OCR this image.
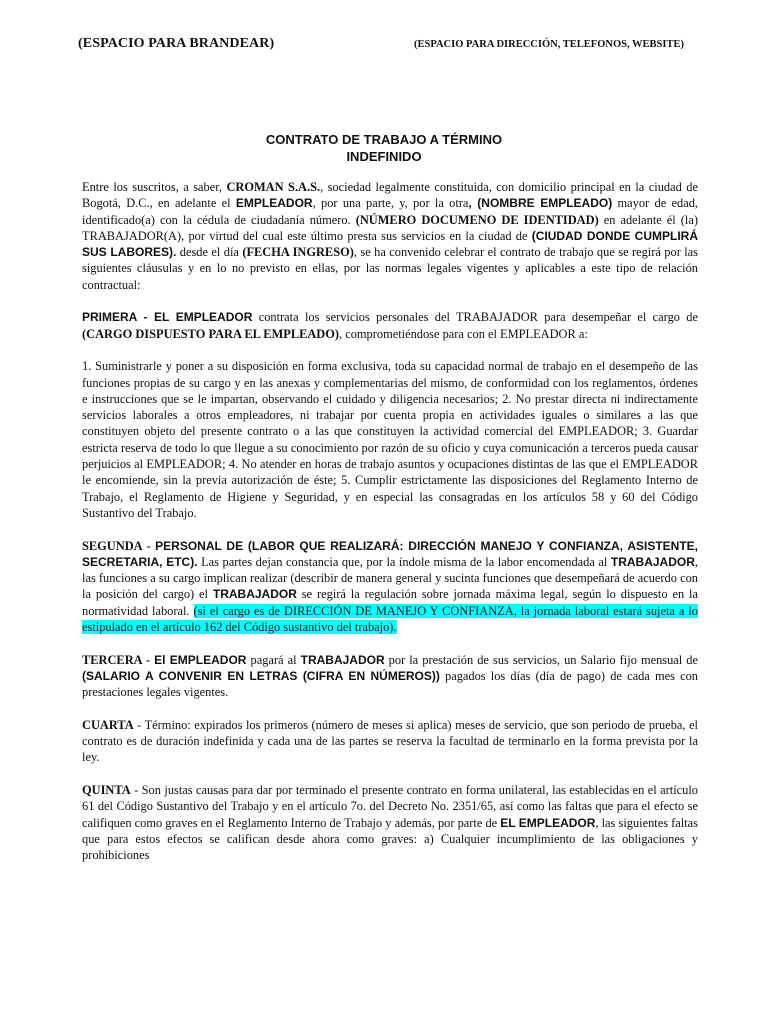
(ESPACIO PARA BRANDEAR)	(ESPACIO PARA DIRECCIÓN, TELEFONOS, WEBSITE)
CONTRATO DE TRABAJO A TÉRMINO
INDEFINIDO

Entre los suscritos, a saber, CROMAN S.A.S., sociedad legalmente constituida, con domicilio principal en la ciudad de Bogotá, D.C., en adelante el EMPLEADOR, por una parte, y, por la otra, (NOMBRE EMPLEADO) mayor de edad, identificado(a) con la cédula de ciudadanía número. (NÚMERO DOCUMENO DE IDENTIDAD) en adelante él (la) TRABAJADOR(A), por virtud del cual este último presta sus servicios en la ciudad de (CIUDAD DONDE CUMPLIRÁ SUS LABORES). desde el día (FECHA INGRESO), se ha convenido celebrar el contrato de trabajo que se regirá por las siguientes cláusulas y en lo no previsto en ellas, por las normas legales vigentes y aplicables a este tipo de relación contractual:

PRIMERA - EL EMPLEADOR contrata los servicios personales del TRABAJADOR para desempeñar el cargo de (CARGO DISPUESTO PARA EL EMPLEADO), comprometiéndose para con el EMPLEADOR a:

1. Suministrarle y poner a su disposición en forma exclusiva, toda su capacidad normal de trabajo en el desempeño de las funciones propias de su cargo y en las anexas y complementarias del mismo, de conformidad con los reglamentos, órdenes e instrucciones que se le impartan, observando el cuidado y diligencia necesarios; 2. No prestar directa ni indirectamente servicios laborales a otros empleadores, ni trabajar por cuenta propia en actividades iguales o similares a las que constituyen objeto del presente contrato o a las que constituyen la actividad comercial del EMPLEADOR; 3. Guardar estricta reserva de todo lo que llegue a su conocimiento por razón de su oficio y cuya comunicación a terceros pueda causar perjuicios al EMPLEADOR; 4. No atender en horas de trabajo asuntos y ocupaciones distintas de las que el EMPLEADOR le encomiende, sin la previa autorización de éste; 5. Cumplir estrictamente las disposiciones del Reglamento Interno de Trabajo, el Reglamento de Higiene y Seguridad, y en especial las consagradas en los artículos 58 y 60 del Código Sustantivo del Trabajo.

SEGUNDA - PERSONAL DE (LABOR QUE REALIZARÁ: DIRECCIÓN MANEJO Y CONFIANZA, ASISTENTE, SECRETARIA, ETC). Las partes dejan constancia que, por la índole misma de la labor encomendada al TRABAJADOR, las funciones a su cargo implican realizar (describir de manera general y sucinta funciones que desempeñará de acuerdo con la posición del cargo) el TRABAJADOR se regirá la regulación sobre jornada máxima legal, según lo dispuesto en la normatividad laboral. (si el cargo es de DIRECCIÓN DE MANEJO Y CONFIANZA, la jornada laboral estará sujeta a lo estipulado en el artículo 162 del Código sustantivo del trabajo).

TERCERA - El EMPLEADOR pagará al TRABAJADOR por la prestación de sus servicios, un Salario fijo mensual de (SALARIO A CONVENIR EN LETRAS (CIFRA EN NÚMEROS)) pagados los días (día de pago) de cada mes con prestaciones legales vigentes.

CUARTA - Término: expirados los primeros (número de meses si aplica) meses de servicio, que son periodo de prueba, el contrato es de duración indefinida y cada una de las partes se reserva la facultad de terminarlo en la forma prevista por la ley.

QUINTA - Son justas causas para dar por terminado el presente contrato en forma unilateral, las establecidas en el artículo 61 del Código Sustantivo del Trabajo y en el artículo 7o. del Decreto No. 2351/65, así como las faltas que para el efecto se califiquen como graves en el Reglamento Interno de Trabajo y además, por parte de EL EMPLEADOR, las siguientes faltas que para estos efectos se califican desde ahora como graves: a) Cualquier incumplimiento de las obligaciones y prohibiciones
